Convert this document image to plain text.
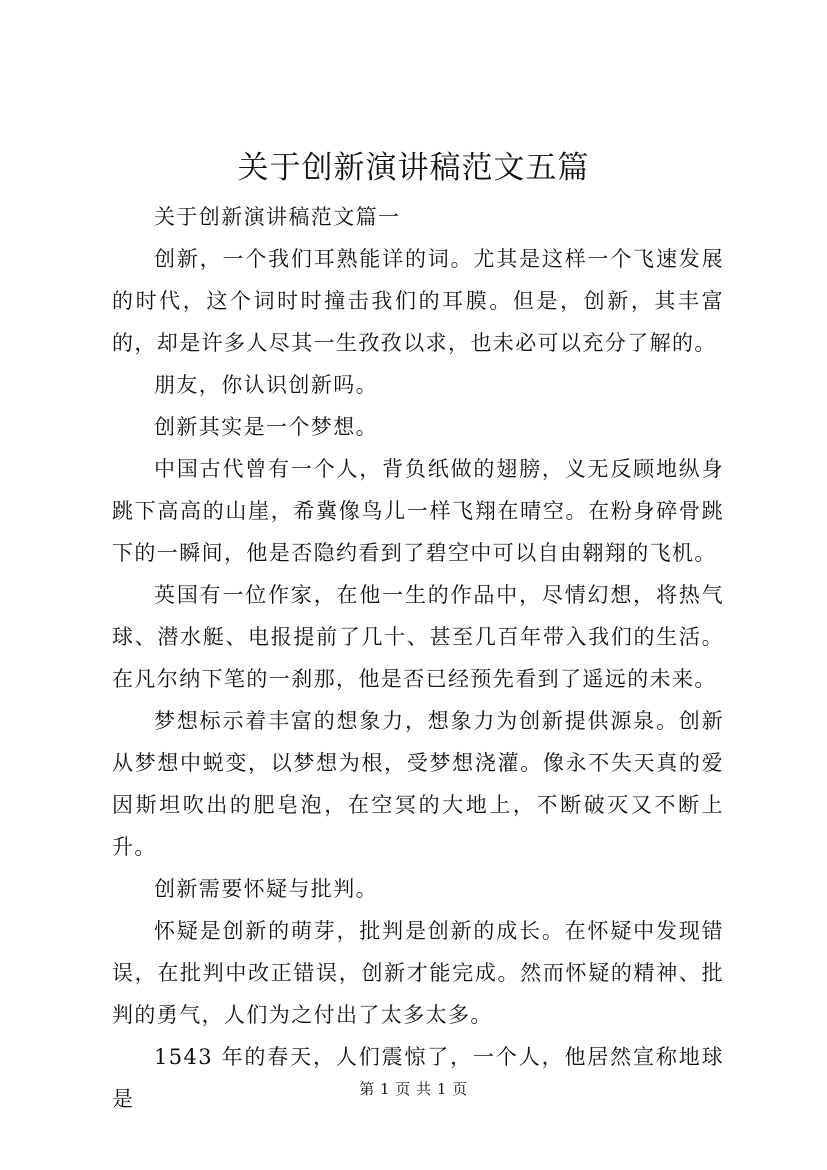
关于创新演讲稿范文五篇

关于创新演讲稿范文篇一

创新，一个我们耳熟能详的词。尤其是这样一个飞速发展的时代，这个词时时撞击我们的耳膜。但是，创新，其丰富的，却是许多人尽其一生孜孜以求，也未必可以充分了解的。

朋友，你认识创新吗。

创新其实是一个梦想。

中国古代曾有一个人，背负纸做的翅膀，义无反顾地纵身跳下高高的山崖，希冀像鸟儿一样飞翔在晴空。在粉身碎骨跳下的一瞬间，他是否隐约看到了碧空中可以自由翱翔的飞机。

英国有一位作家，在他一生的作品中，尽情幻想，将热气球、潜水艇、电报提前了几十、甚至几百年带入我们的生活。在凡尔纳下笔的一刹那，他是否已经预先看到了遥远的未来。

梦想标示着丰富的想象力，想象力为创新提供源泉。创新从梦想中蜕变，以梦想为根，受梦想浇灌。像永不失天真的爱因斯坦吹出的肥皂泡，在空冥的大地上，不断破灭又不断上升。

创新需要怀疑与批判。

怀疑是创新的萌芽，批判是创新的成长。在怀疑中发现错误，在批判中改正错误，创新才能完成。然而怀疑的精神、批判的勇气，人们为之付出了太多太多。

1543 年的春天，人们震惊了，一个人，他居然宣称地球是	第 1 页 共 1 页
